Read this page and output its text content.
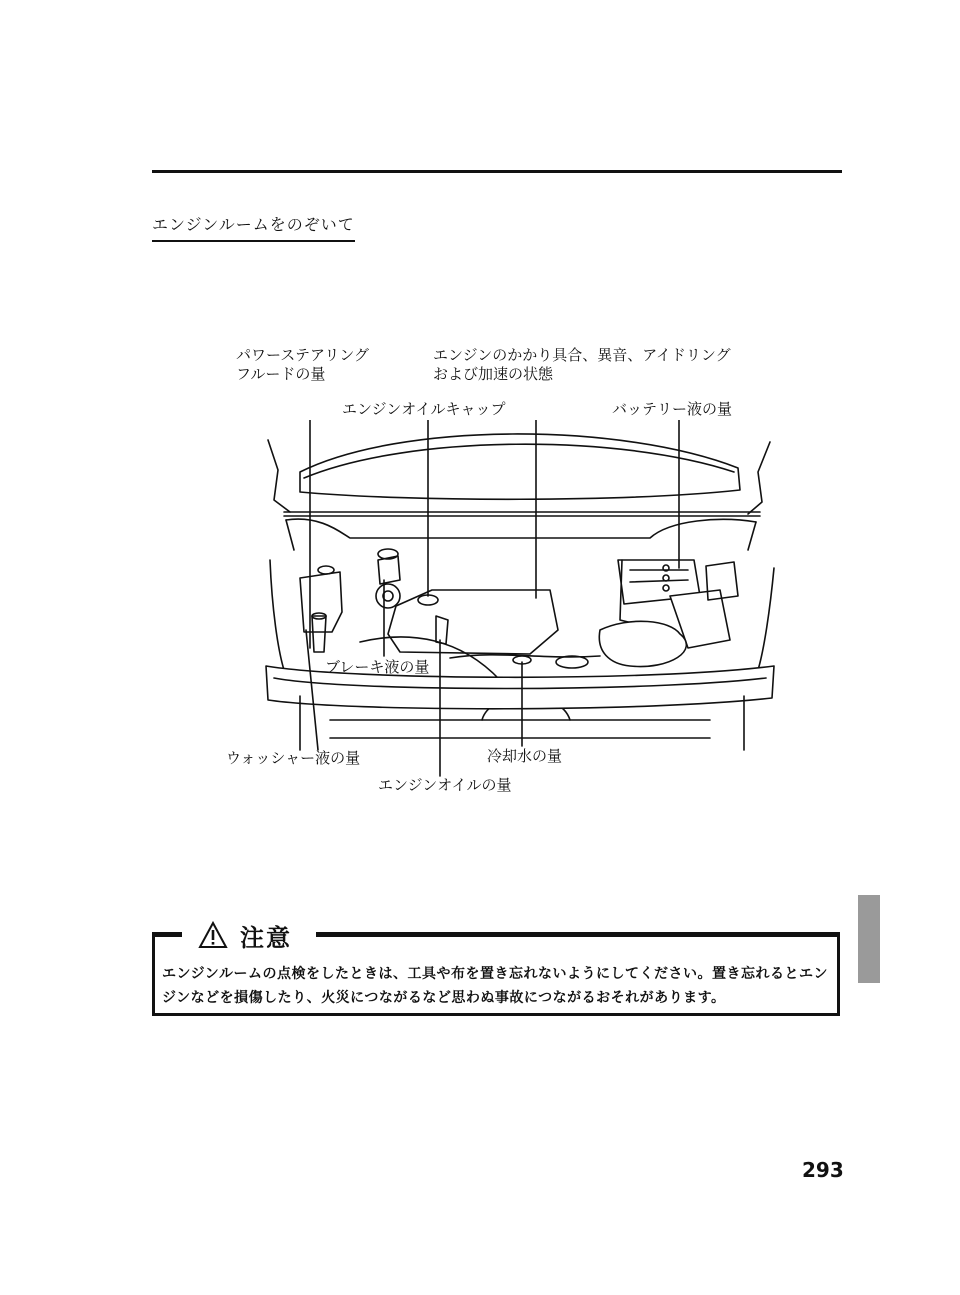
エンジンルームをのぞいて
パワーステアリング
フルードの量
エンジンのかかり具合、異音、アイドリング
および加速の状態
エンジンオイルキャップ	バッテリー液の量
ブレーキ液の量
ウォッシャー液の量	冷却水の量
エンジンオイルの量
注意
エンジンルームの点検をしたときは、工具や布を置き忘れないようにしてください。置き忘れるとエンジンなどを損傷したり、火災につながるなど思わぬ事故につながるおそれがあります。
293
